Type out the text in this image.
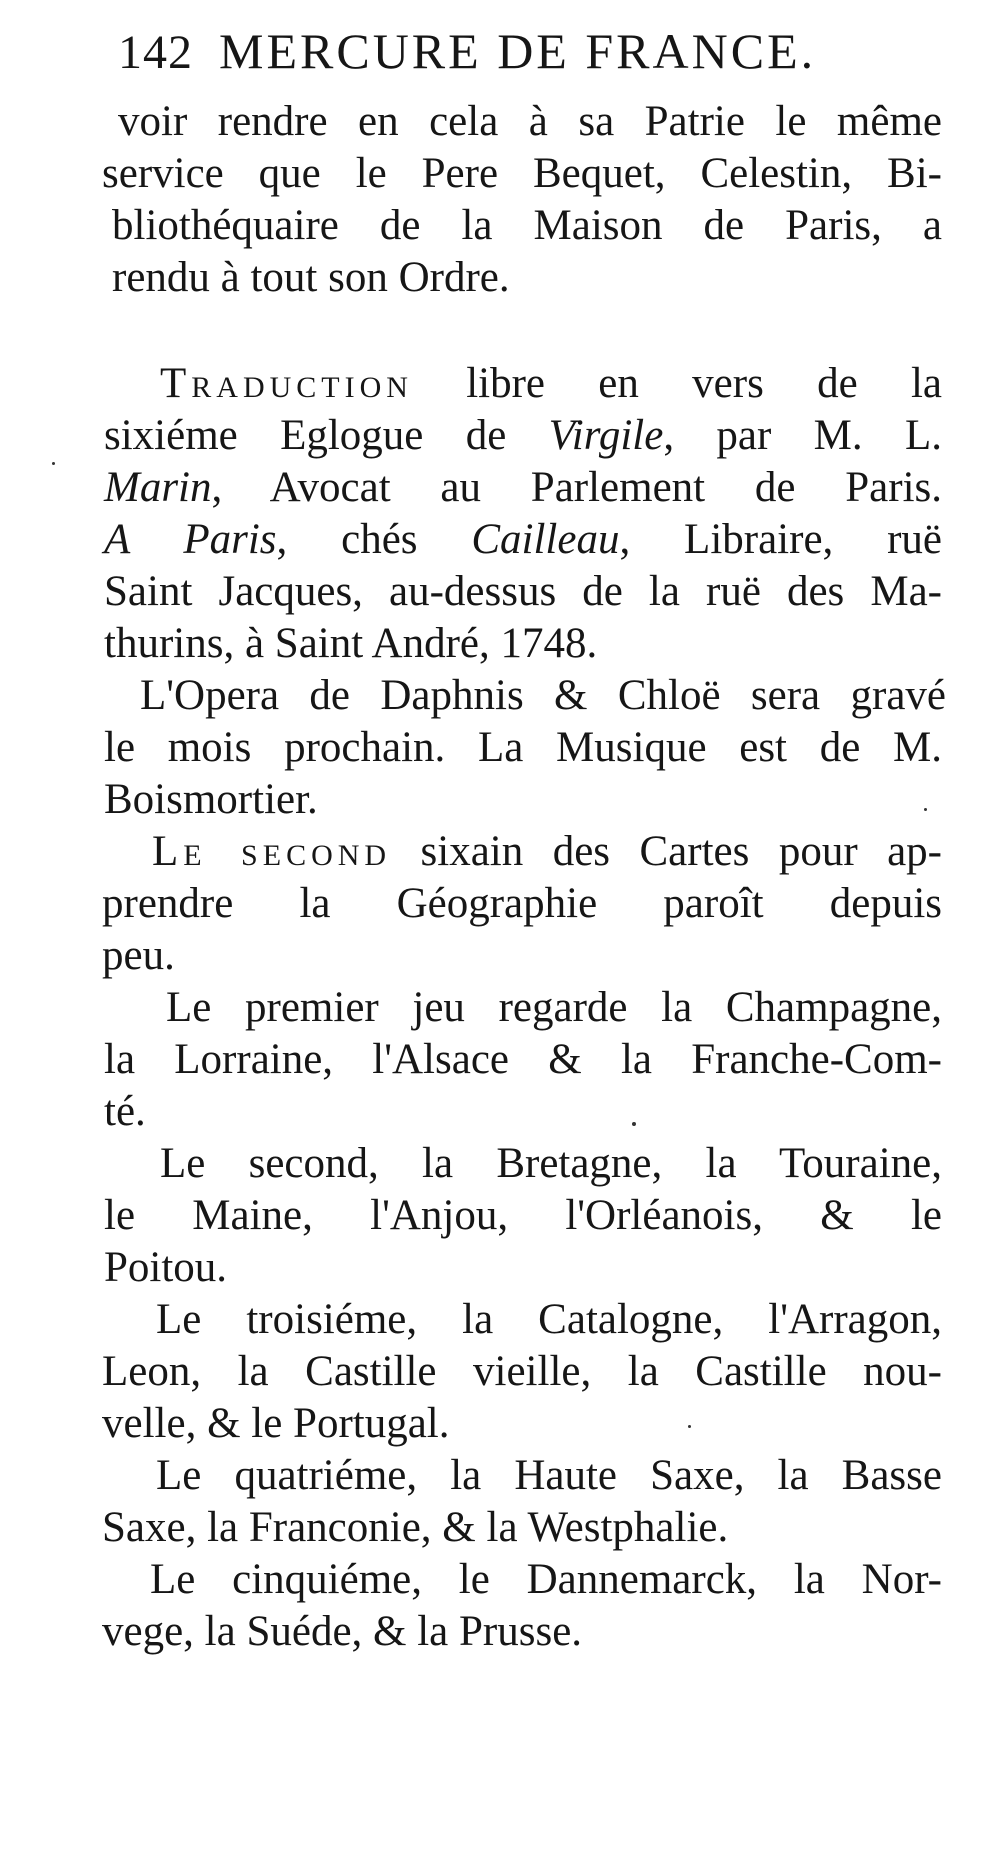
142 MERCURE DE FRANCE.
voir rendre en cela à sa Patrie le même
service que le Pere Bequet, Celestin, Bi-
bliothéquaire de la Maison de Paris, a
rendu à tout son Ordre.
Traduction libre en vers de la
sixiéme Eglogue de Virgile, par M. L.
Marin, Avocat au Parlement de Paris.
A Paris, chés Cailleau, Libraire, ruë
Saint Jacques, au-dessus de la ruë des Ma-
thurins, à Saint André, 1748.
L'Opera de Daphnis & Chloë sera gravé
le mois prochain. La Musique est de M.
Boismortier.
Le second sixain des Cartes pour ap-
prendre la Géographie paroît depuis
peu.
Le premier jeu regarde la Champagne,
la Lorraine, l'Alsace & la Franche-Com-
té.
Le second, la Bretagne, la Touraine,
le Maine, l'Anjou, l'Orléanois, & le
Poitou.
Le troisiéme, la Catalogne, l'Arragon,
Leon, la Castille vieille, la Castille nou-
velle, & le Portugal.
Le quatriéme, la Haute Saxe, la Basse
Saxe, la Franconie, & la Westphalie.
Le cinquiéme, le Dannemarck, la Nor-
vege, la Suéde, & la Prusse.
